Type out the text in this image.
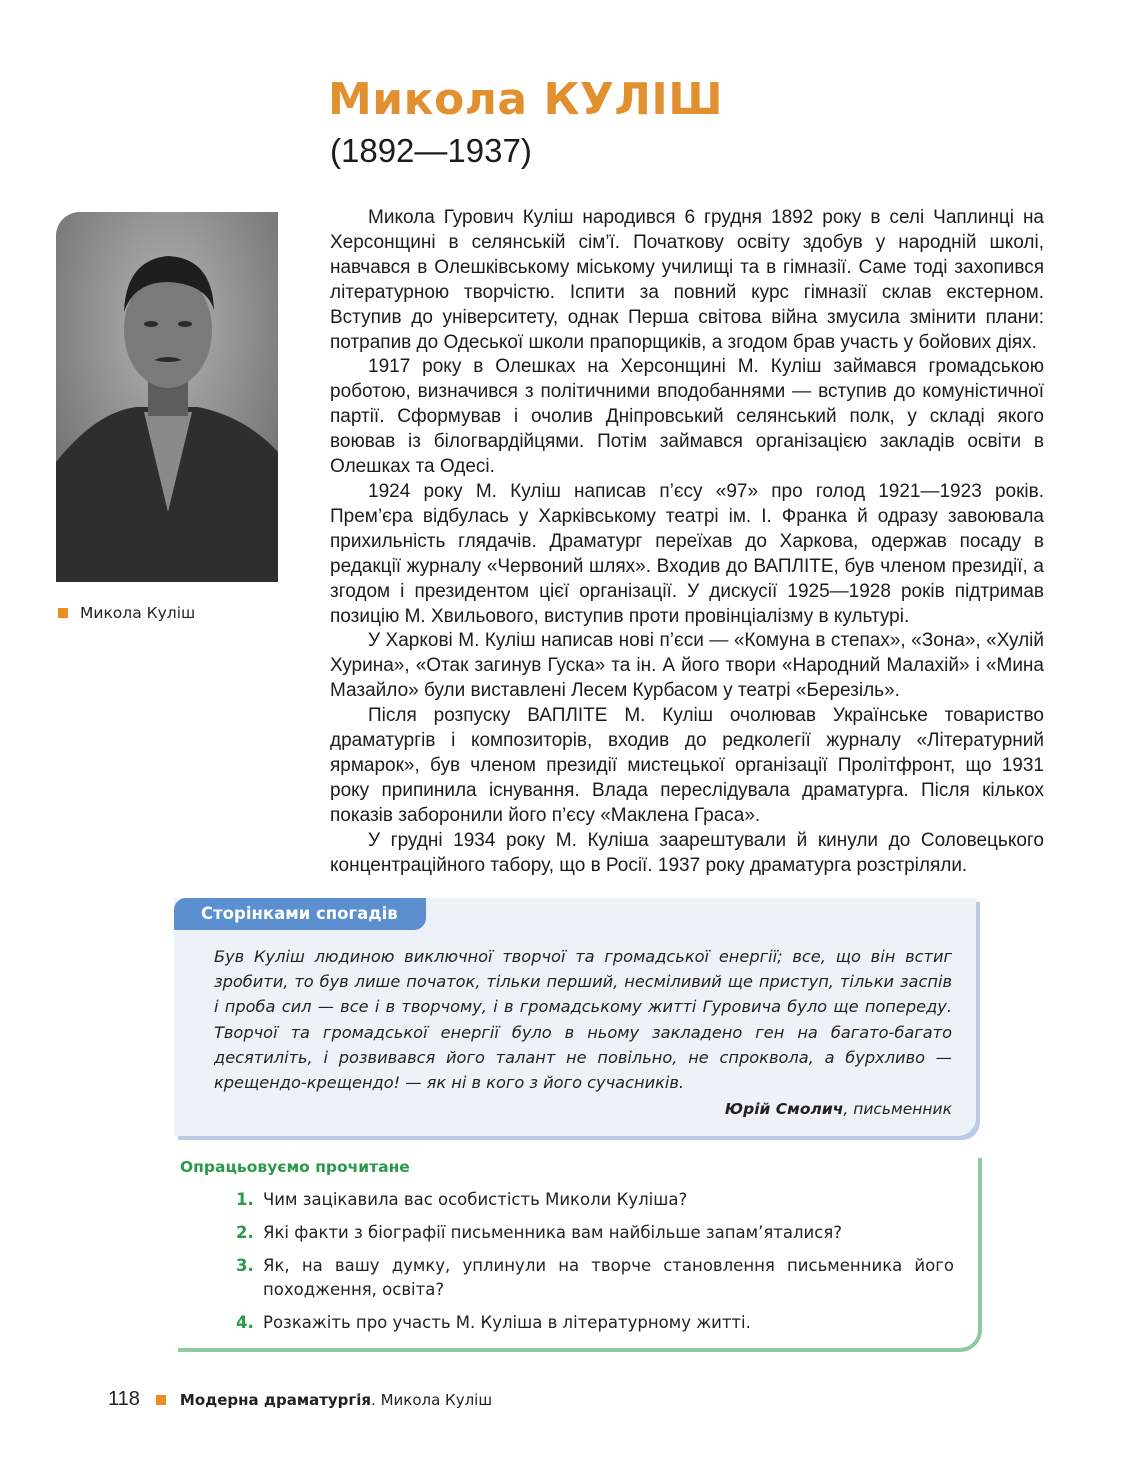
Микола КУЛІШ
(1892—1937)
Микола Куліш

Микола Гурович Куліш народився 6 грудня 1892 року в селі Чаплинці на Херсонщині в селянській сім’ї. Початкову освіту здобув у народній школі, навчався в Олешківському міському училищі та в гімназії. Саме тоді захопився літературною творчістю. Іспити за повний курс гімназії склав екстерном. Вступив до університету, однак Перша світова війна змусила змінити плани: потрапив до Одеської школи прапорщиків, а згодом брав участь у бойових діях.

1917 року в Олешках на Херсонщині М. Куліш займався громадською роботою, визначився з політичними вподобаннями — вступив до комуністичної партії. Сформував і очолив Дніпровський селянський полк, у складі якого воював із білогвардійцями. Потім займався організацією закладів освіти в Олешках та Одесі.

1924 року М. Куліш написав п’єсу «97» про голод 1921—1923 років. Прем’єра відбулась у Харківському театрі ім. І. Франка й одразу завоювала прихильність глядачів. Драматург переїхав до Харкова, одержав посаду в редакції журналу «Червоний шлях». Входив до ВАПЛІТЕ, був членом президії, а згодом і президентом цієї організації. У дискусії 1925—1928 років підтримав позицію М. Хвильового, виступив проти провінціалізму в культурі.

У Харкові М. Куліш написав нові п’єси — «Комуна в степах», «Зона», «Хулій Хурина», «Отак загинув Гуска» та ін. А його твори «Народний Малахій» і «Мина Мазайло» були виставлені Лесем Курбасом у театрі «Березіль».

Після розпуску ВАПЛІТЕ М. Куліш очолював Українське товариство драматургів і композиторів, входив до редколегії журналу «Літературний ярмарок», був членом президії мистецької організації Пролітфронт, що 1931 року припинила існування. Влада переслідувала драматурга. Після кількох показів заборонили його п’єсу «Маклена Граса».

У грудні 1934 року М. Куліша заарештували й кинули до Соловецького концентраційного табору, що в Росії. 1937 року драматурга розстріляли.

Сторінками спогадів
Був Куліш людиною виключної творчої та громадської енергії; все, що він встиг зробити, то був лише початок, тільки перший, несміливий ще приступ, тільки заспів і проба сил — все і в творчому, і в громадському житті Гуровича було ще попереду. Творчої та громадської енергії було в ньому закладено ген на багато-багато десятиліть, і розвивався його талант не повільно, не спроквола, а бурхливо — крещендо-крещендо! — як ні в кого з його сучасників.
Юрій Смолич, письменник
Опрацьовуємо прочитане
1. Чим зацікавила вас особистість Миколи Куліша?
2. Які факти з біографії письменника вам найбільше запам’яталися?
3. Як, на вашу думку, уплинули на творче становлення письменника його походження, освіта?
4. Розкажіть про участь М. Куліша в літературному житті.
118	Модерна драматургія . Микола Куліш
